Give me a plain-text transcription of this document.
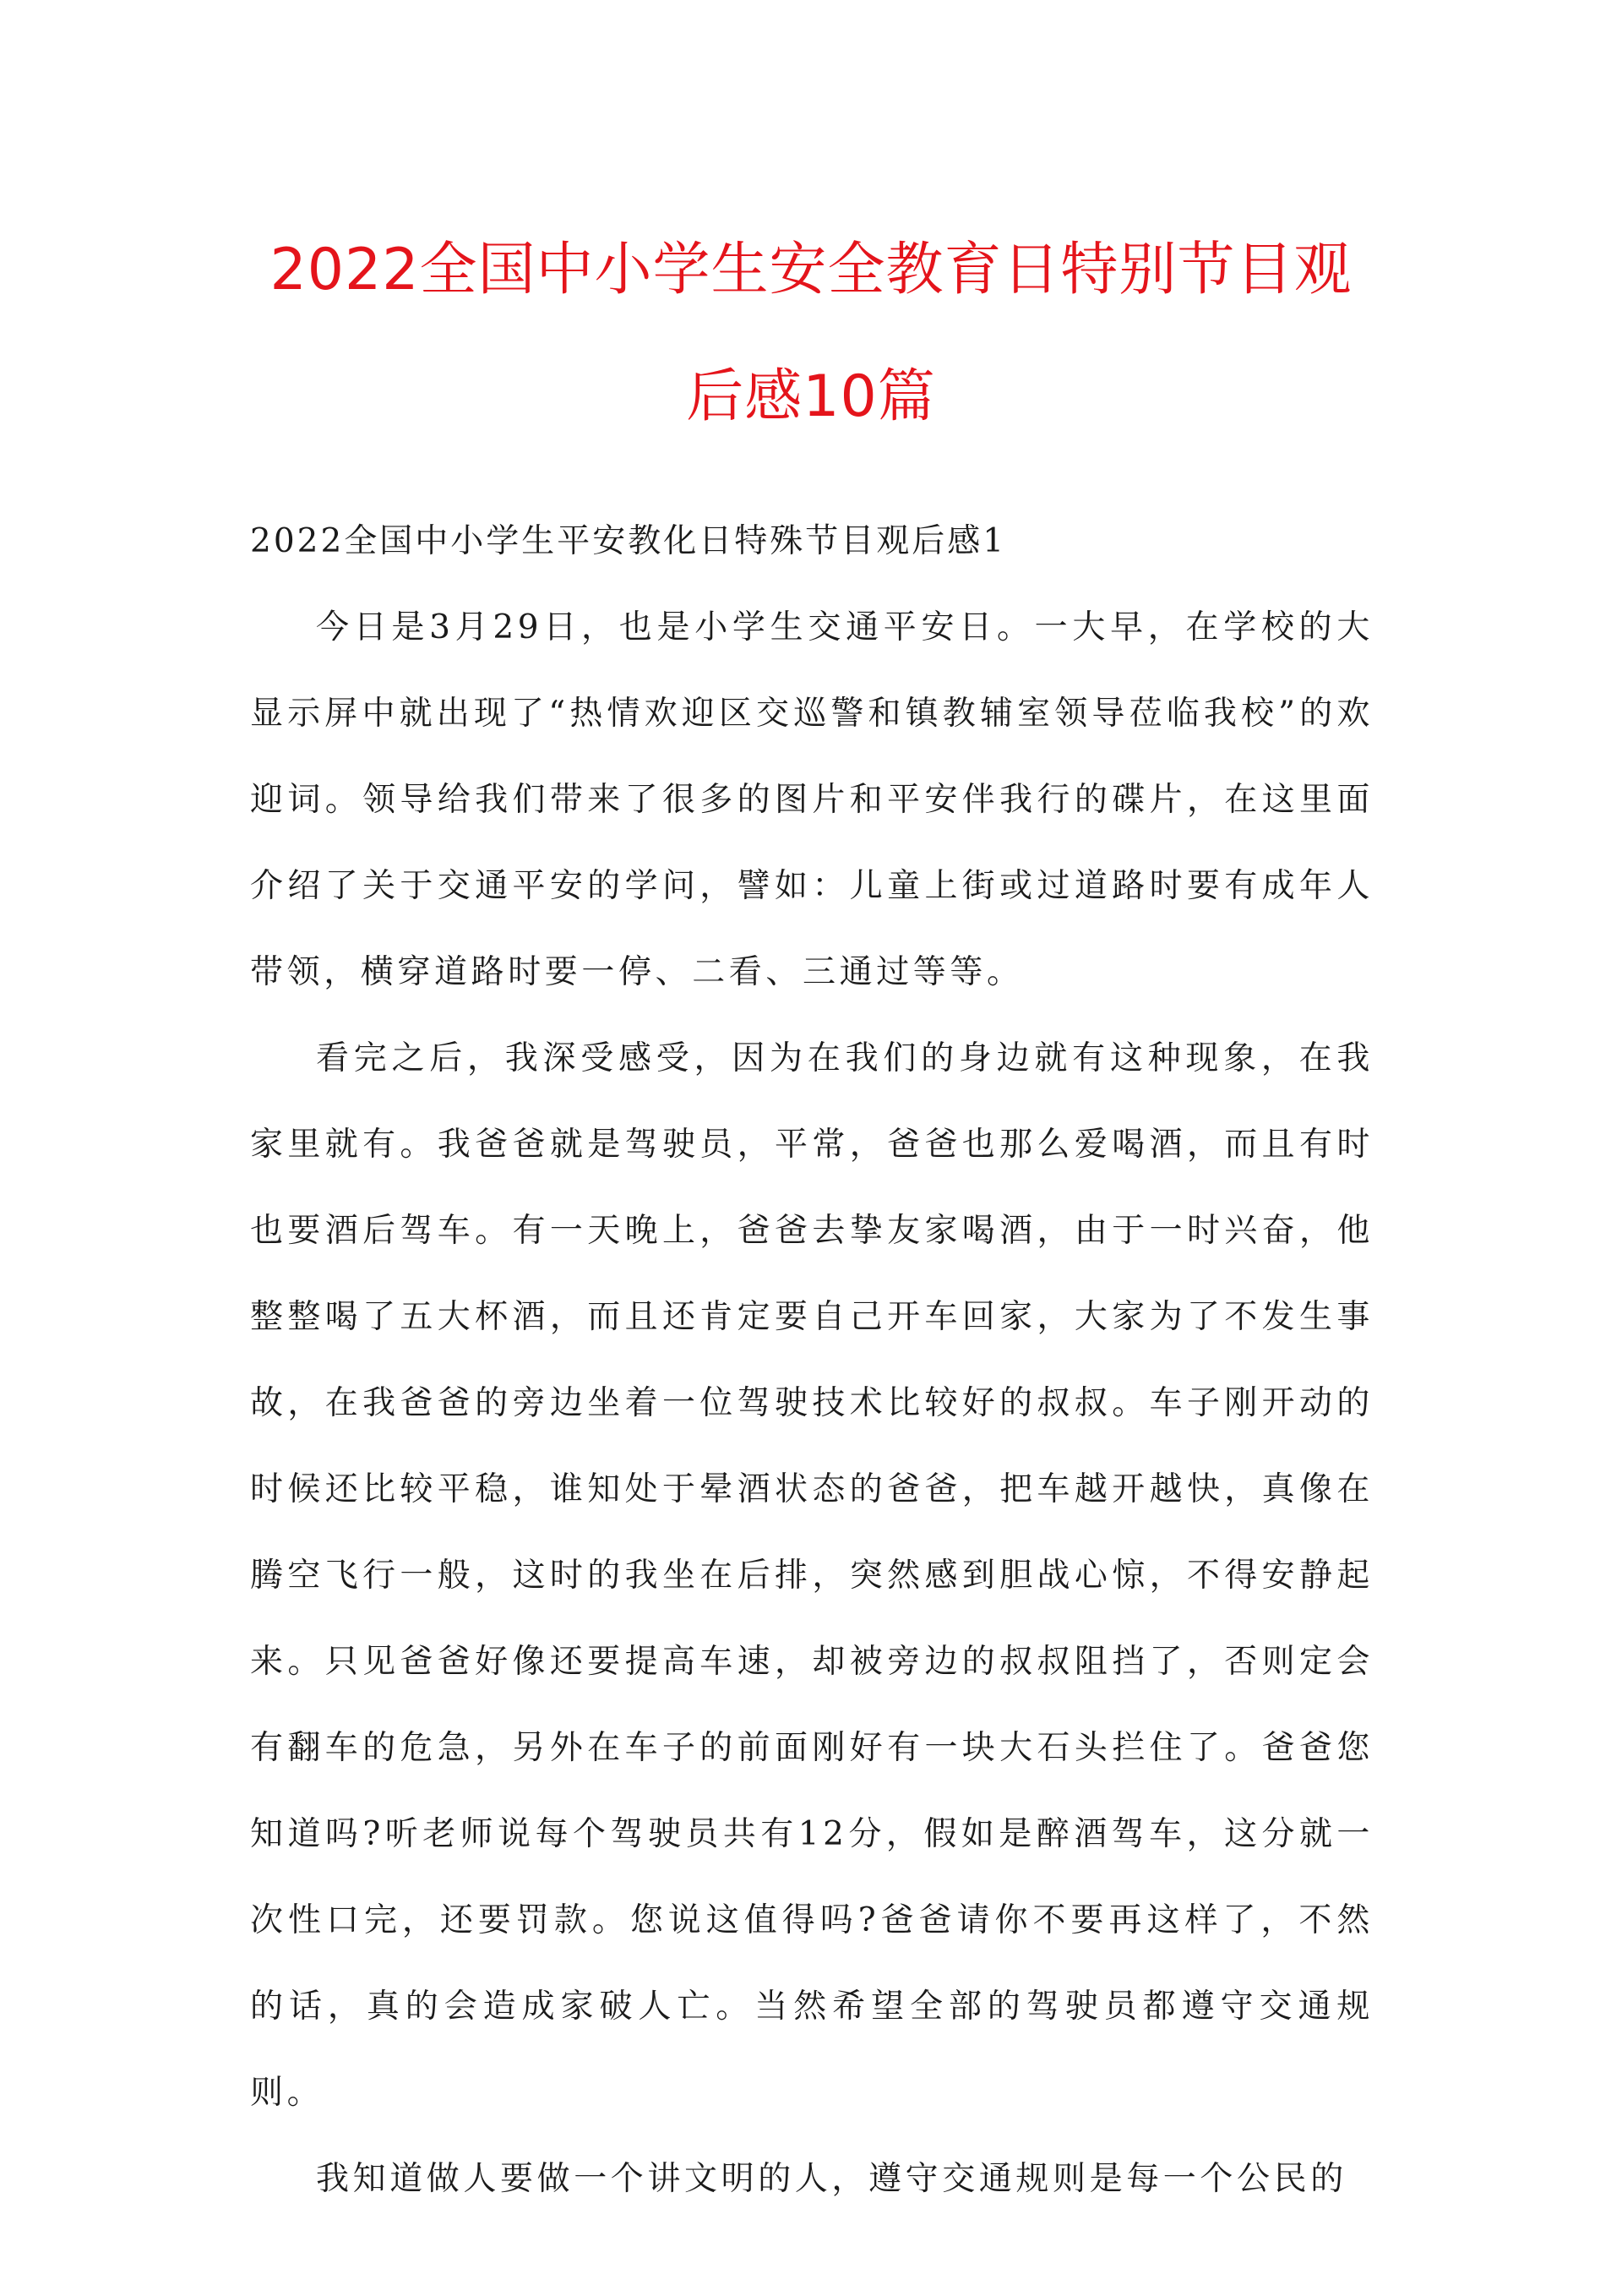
2022全国中小学生安全教育日特别节目观
后感10篇

2022全国中小学生平安教化日特殊节目观后感1

今日是3月29日，也是小学生交通平安日。一大早，在学校的大显示屏中就出现了“热情欢迎区交巡警和镇教辅室领导莅临我校”的欢迎词。领导给我们带来了很多的图片和平安伴我行的碟片，在这里面介绍了关于交通平安的学问，譬如：儿童上街或过道路时要有成年人带领，横穿道路时要一停、二看、三通过等等。

看完之后，我深受感受，因为在我们的身边就有这种现象，在我家里就有。我爸爸就是驾驶员，平常，爸爸也那么爱喝酒，而且有时也要酒后驾车。有一天晚上，爸爸去挚友家喝酒，由于一时兴奋，他整整喝了五大杯酒，而且还肯定要自己开车回家，大家为了不发生事故，在我爸爸的旁边坐着一位驾驶技术比较好的叔叔。车子刚开动的时候还比较平稳，谁知处于晕酒状态的爸爸，把车越开越快，真像在腾空飞行一般，这时的我坐在后排，突然感到胆战心惊，不得安静起来。只见爸爸好像还要提高车速，却被旁边的叔叔阻挡了，否则定会有翻车的危急，另外在车子的前面刚好有一块大石头拦住了。爸爸您知道吗?听老师说每个驾驶员共有12分，假如是醉酒驾车，这分就一次性口完，还要罚款。您说这值得吗?爸爸请你不要再这样了，不然的话，真的会造成家破人亡。当然希望全部的驾驶员都遵守交通规则。

我知道做人要做一个讲文明的人，遵守交通规则是每一个公民的
